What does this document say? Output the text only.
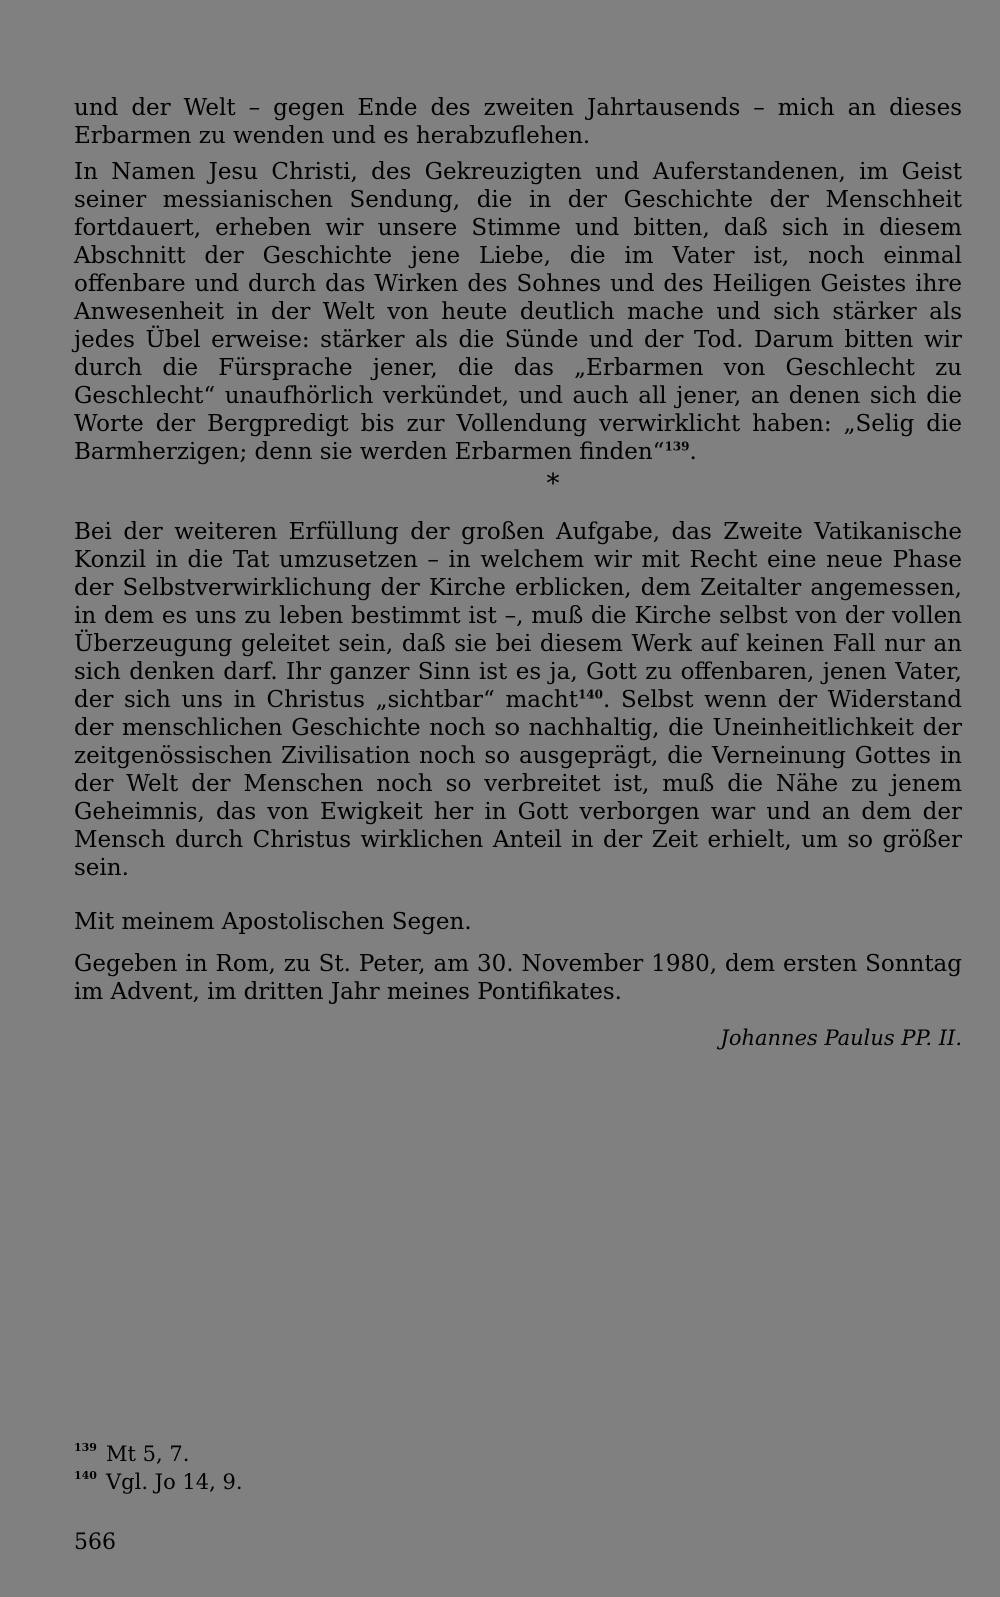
und der Welt – gegen Ende des zweiten Jahrtausends – mich an dieses Erbarmen zu wenden und es herabzuflehen.

In Namen Jesu Christi, des Gekreuzigten und Auferstandenen, im Geist seiner messianischen Sendung, die in der Geschichte der Menschheit fortdauert, erheben wir unsere Stimme und bitten, daß sich in diesem Abschnitt der Geschichte jene Liebe, die im Vater ist, noch einmal offenbare und durch das Wirken des Sohnes und des Heiligen Geistes ihre Anwesenheit in der Welt von heute deutlich mache und sich stärker als jedes Übel erweise: stärker als die Sünde und der Tod. Darum bitten wir durch die Fürsprache jener, die das „Erbarmen von Geschlecht zu Geschlecht“ unaufhörlich verkündet, und auch all jener, an denen sich die Worte der Bergpredigt bis zur Vollendung verwirklicht haben: „Selig die Barmherzigen; denn sie werden Erbarmen finden“$^{139}$.

*

Bei der weiteren Erfüllung der großen Aufgabe, das Zweite Vatikanische Konzil in die Tat umzusetzen – in welchem wir mit Recht eine neue Phase der Selbstverwirklichung der Kirche erblicken, dem Zeitalter angemessen, in dem es uns zu leben bestimmt ist –, muß die Kirche selbst von der vollen Überzeugung geleitet sein, daß sie bei diesem Werk auf keinen Fall nur an sich denken darf. Ihr ganzer Sinn ist es ja, Gott zu offenbaren, jenen Vater, der sich uns in Christus „sichtbar“ macht$^{140}$. Selbst wenn der Widerstand der menschlichen Geschichte noch so nachhaltig, die Uneinheitlichkeit der zeitgenössischen Zivilisation noch so ausgeprägt, die Verneinung Gottes in der Welt der Menschen noch so verbreitet ist, muß die Nähe zu jenem Geheimnis, das von Ewigkeit her in Gott verborgen war und an dem der Mensch durch Christus wirklichen Anteil in der Zeit erhielt, um so größer sein.

Mit meinem Apostolischen Segen.

Gegeben in Rom, zu St. Peter, am 30. November 1980, dem ersten Sonntag im Advent, im dritten Jahr meines Pontifikates.

Johannes Paulus PP. II.
139 Mt 5, 7.
140 Vgl. Jo 14, 9.
566
